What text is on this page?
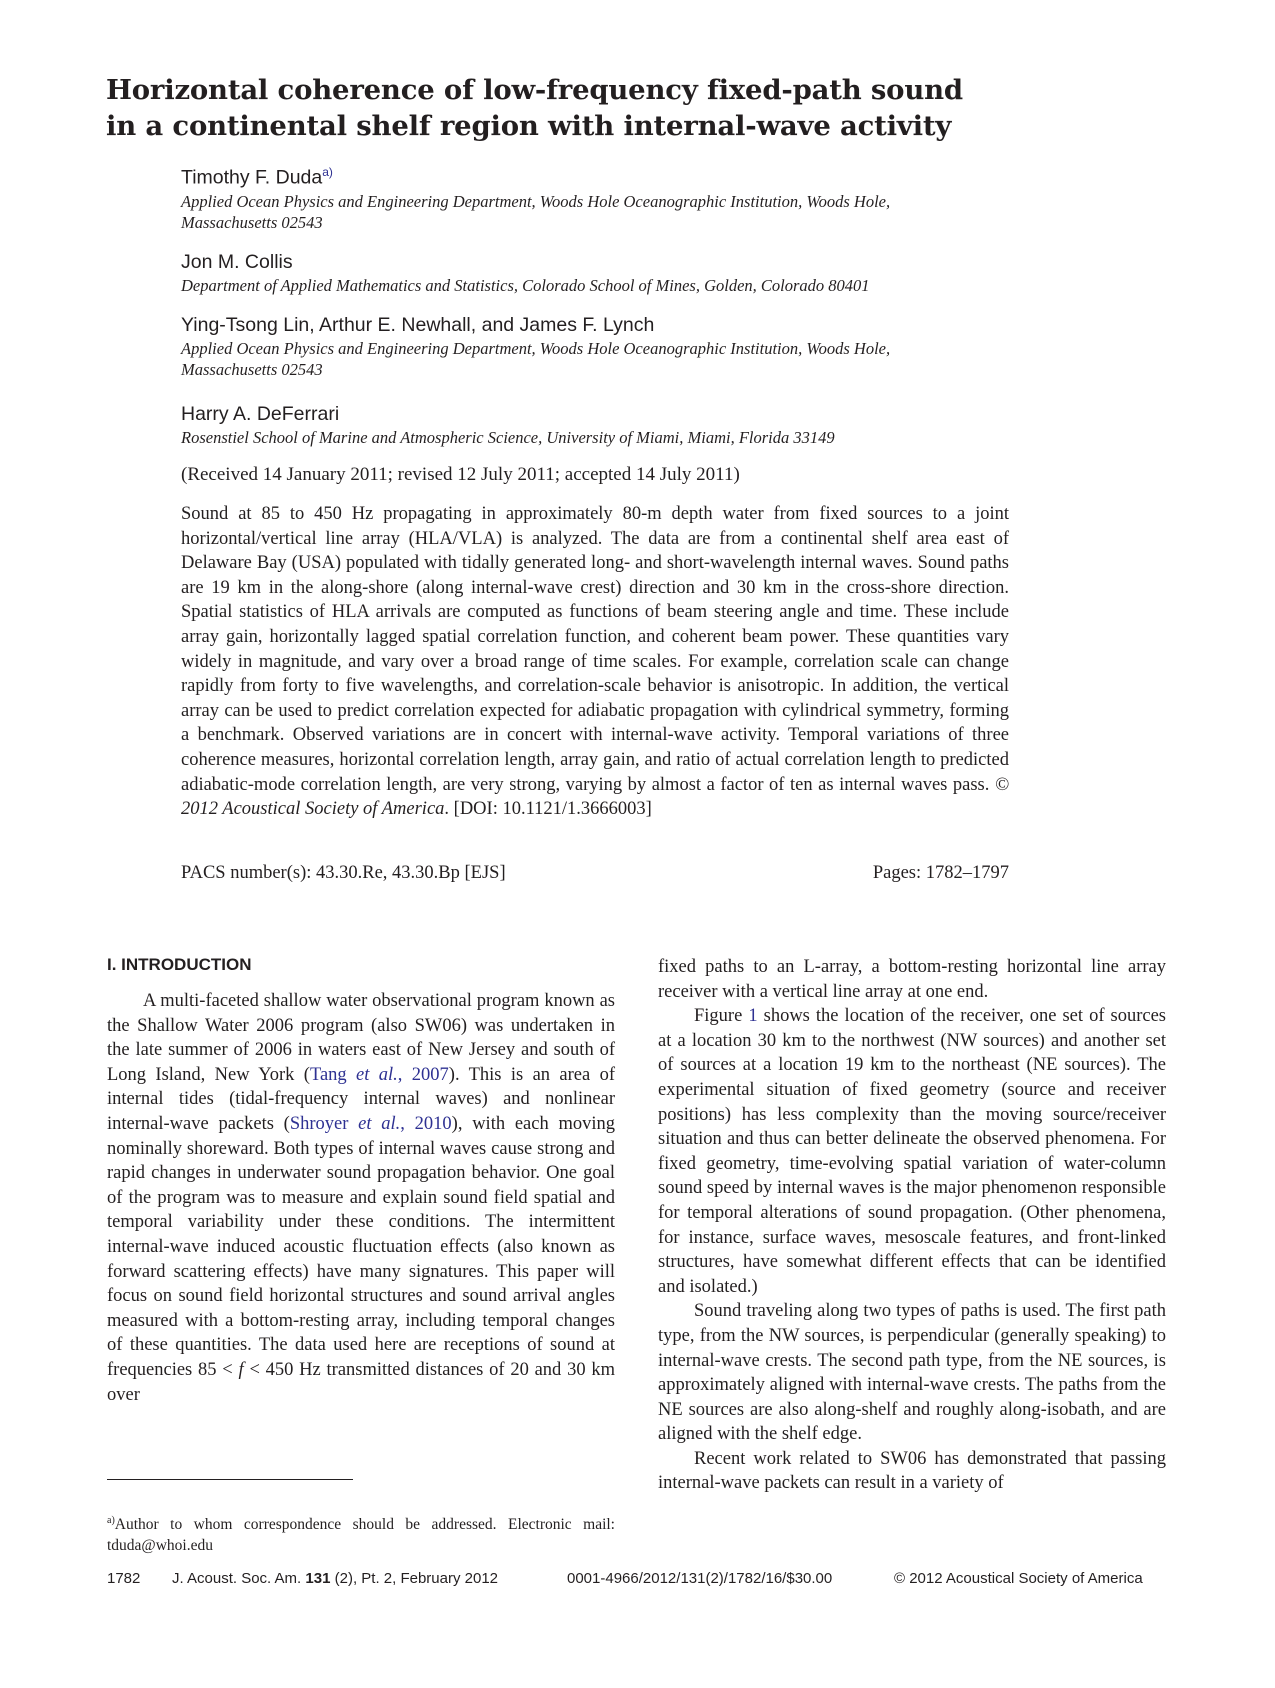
Horizontal coherence of low-frequency fixed-path sound
in a continental shelf region with internal-wave activity
Timothy F. Duda$^{a)}$
Applied Ocean Physics and Engineering Department, Woods Hole Oceanographic Institution, Woods Hole,
Massachusetts 02543
Jon M. Collis
Department of Applied Mathematics and Statistics, Colorado School of Mines, Golden, Colorado 80401
Ying-Tsong Lin, Arthur E. Newhall, and James F. Lynch
Applied Ocean Physics and Engineering Department, Woods Hole Oceanographic Institution, Woods Hole,
Massachusetts 02543
Harry A. DeFerrari
Rosenstiel School of Marine and Atmospheric Science, University of Miami, Miami, Florida 33149
(Received 14 January 2011; revised 12 July 2011; accepted 14 July 2011)
Sound at 85 to 450 Hz propagating in approximately 80-m depth water from fixed sources to a joint horizontal/vertical line array (HLA/VLA) is analyzed. The data are from a continental shelf area east of Delaware Bay (USA) populated with tidally generated long- and short-wavelength internal waves. Sound paths are 19 km in the along-shore (along internal-wave crest) direction and 30 km in the cross-shore direction. Spatial statistics of HLA arrivals are computed as functions of beam steering angle and time. These include array gain, horizontally lagged spatial correlation function, and coherent beam power. These quantities vary widely in magnitude, and vary over a broad range of time scales. For example, correlation scale can change rapidly from forty to five wavelengths, and correlation-scale behavior is anisotropic. In addition, the vertical array can be used to predict correlation expected for adiabatic propagation with cylindrical symmetry, forming a benchmark. Observed variations are in concert with internal-wave activity. Temporal variations of three coherence measures, horizontal correlation length, array gain, and ratio of actual correlation length to predicted adiabatic-mode correlation length, are very strong, varying by almost a factor of ten as internal waves pass. © 2012 Acoustical Society of America. [DOI: 10.1121/1.3666003]
PACS number(s): 43.30.Re, 43.30.Bp [EJS]	Pages: 1782–1797
I. INTRODUCTION

A multi-faceted shallow water observational program known as the Shallow Water 2006 program (also SW06) was undertaken in the late summer of 2006 in waters east of New Jersey and south of Long Island, New York (Tang et al., 2007). This is an area of internal tides (tidal-frequency internal waves) and nonlinear internal-wave packets (Shroyer et al., 2010), with each moving nominally shoreward. Both types of internal waves cause strong and rapid changes in underwater sound propagation behavior. One goal of the program was to measure and explain sound field spatial and temporal variability under these conditions. The intermittent internal-wave induced acoustic fluctuation effects (also known as forward scattering effects) have many signatures. This paper will focus on sound field horizontal structures and sound arrival angles measured with a bottom-resting array, including temporal changes of these quantities. The data used here are receptions of sound at frequencies 85 < f < 450 Hz transmitted distances of 20 and 30 km over

fixed paths to an L-array, a bottom-resting horizontal line array receiver with a vertical line array at one end.

Figure 1 shows the location of the receiver, one set of sources at a location 30 km to the northwest (NW sources) and another set of sources at a location 19 km to the northeast (NE sources). The experimental situation of fixed geometry (source and receiver positions) has less complexity than the moving source/receiver situation and thus can better delineate the observed phenomena. For fixed geometry, time-evolving spatial variation of water-column sound speed by internal waves is the major phenomenon responsible for temporal alterations of sound propagation. (Other phenomena, for instance, surface waves, mesoscale features, and front-linked structures, have somewhat different effects that can be identified and isolated.)

Sound traveling along two types of paths is used. The first path type, from the NW sources, is perpendicular (generally speaking) to internal-wave crests. The second path type, from the NE sources, is approximately aligned with internal-wave crests. The paths from the NE sources are also along-shelf and roughly along-isobath, and are aligned with the shelf edge.

Recent work related to SW06 has demonstrated that passing internal-wave packets can result in a variety of

$^{a)}$Author to whom correspondence should be addressed. Electronic mail: tduda@whoi.edu
1782 J. Acoust. Soc. Am. 131 (2), Pt. 2, February 2012	0001-4966/2012/131(2)/1782/16/$30.00	© 2012 Acoustical Society of America
